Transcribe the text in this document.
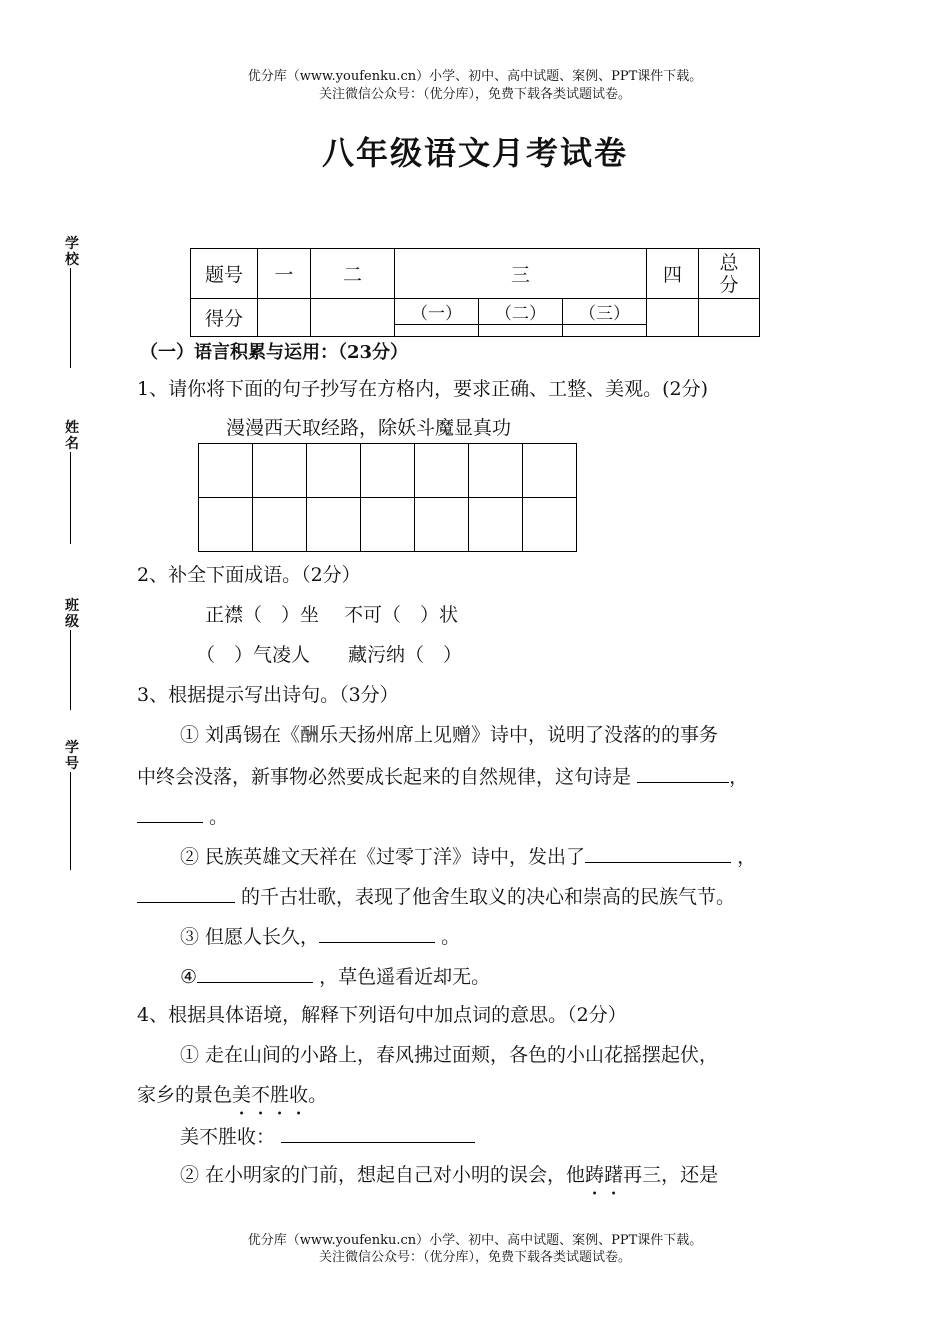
优分库（www.youfenku.cn）小学、初中、高中试题、案例、PPT课件下载。
关注微信公众号：（优分库），免费下载各类试题试卷。
八年级语文月考试卷
学
校
姓
名
班
级
学
号
题号	一	二	三			四	总
分

得分			（一）	（二）	（三）		

（一）语言积累与运用：（23分）
1、请你将下面的句子抄写在方格内，要求正确、工整、美观。(2分)
漫漫西天取经路，除妖斗魔显真功

2、补全下面成语。（2分）
正襟（　）坐　 不可（　）状
（　）气凌人　　藏污纳（　）
3、根据提示写出诗句。（3分）
① 刘禹锡在《酬乐天扬州席上见赠》诗中，说明了没落的的事务
中终会没落，新事物必然要成长起来的自然规律，这句诗是	，
。
② 民族英雄文天祥在《过零丁洋》诗中，发出了	，
的千古壮歌，表现了他舍生取义的决心和崇高的民族气节。
③ 但愿人长久，	。
④	，草色遥看近却无。
4、根据具体语境，解释下列语句中加点词的意思。（2分）
① 走在山间的小路上，春风拂过面颊，各色的小山花摇摆起伏，
家乡的景色美不胜收。
美不胜收：
② 在小明家的门前，想起自己对小明的误会，他踌躇再三，还是
优分库（www.youfenku.cn）小学、初中、高中试题、案例、PPT课件下载。
关注微信公众号：（优分库），免费下载各类试题试卷。
